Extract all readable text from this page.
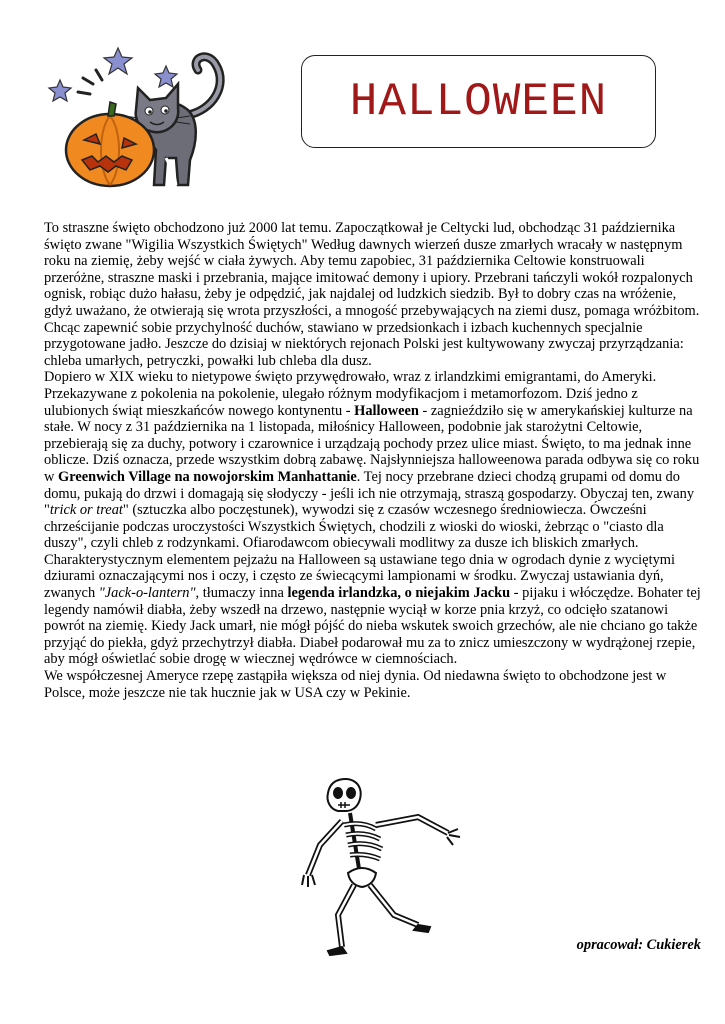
HALLOWEEN

To straszne święto obchodzono już 2000 lat temu. Zapoczątkował je Celtycki lud, obchodząc 31 października święto zwane "Wigilia Wszystkich Świętych" Według dawnych wierzeń dusze zmarłych wracały w następnym roku na ziemię, żeby wejść w ciała żywych. Aby temu zapobiec, 31 października Celtowie konstruowali przeróżne, straszne maski i przebrania, mające imitować demony i upiory. Przebrani tańczyli wokół rozpalonych ognisk, robiąc dużo hałasu, żeby je odpędzić, jak najdalej od ludzkich siedzib. Był to dobry czas na wróżenie, gdyż uważano, że otwierają się wrota przyszłości, a mnogość przebywających na ziemi dusz, pomaga wróżbitom.

Chcąc zapewnić sobie przychylność duchów, stawiano w przedsionkach i izbach kuchennych specjalnie przygotowane jadło. Jeszcze do dzisiaj w niektórych rejonach Polski jest kultywowany zwyczaj przyrządzania: chleba umarłych, petryczki, powałki lub chleba dla dusz.

Dopiero w XIX wieku to nietypowe święto przywędrowało, wraz z irlandzkimi emigrantami, do Ameryki. Przekazywane z pokolenia na pokolenie, ulegało różnym modyfikacjom i metamorfozom. Dziś jedno z ulubionych świąt mieszkańców nowego kontynentu - Halloween - zagnieździło się w amerykańskiej kulturze na stałe. W nocy z 31 października na 1 listopada, miłośnicy Halloween, podobnie jak starożytni Celtowie, przebierają się za duchy, potwory i czarownice i urządzają pochody przez ulice miast. Święto, to ma jednak inne oblicze. Dziś oznacza, przede wszystkim dobrą zabawę. Najsłynniejsza halloweenowa parada odbywa się co roku w Greenwich Village na nowojorskim Manhattanie. Tej nocy przebrane dzieci chodzą grupami od domu do domu, pukają do drzwi i domagają się słodyczy - jeśli ich nie otrzymają, straszą gospodarzy. Obyczaj ten, zwany "trick or treat" (sztuczka albo poczęstunek), wywodzi się z czasów wczesnego średniowiecza. Ówcześni chrześcijanie podczas uroczystości Wszystkich Świętych, chodzili z wioski do wioski, żebrząc o "ciasto dla duszy", czyli chleb z rodzynkami. Ofiarodawcom obiecywali modlitwy za dusze ich bliskich zmarłych.

Charakterystycznym elementem pejzażu na Halloween są ustawiane tego dnia w ogrodach dynie z wyciętymi dziurami oznaczającymi nos i oczy, i często ze świecącymi lampionami w środku. Zwyczaj ustawiania dyń, zwanych "Jack-o-lantern", tłumaczy inna legenda irlandzka, o niejakim Jacku - pijaku i włóczędze. Bohater tej legendy namówił diabła, żeby wszedł na drzewo, następnie wyciął w korze pnia krzyż, co odcięło szatanowi powrót na ziemię. Kiedy Jack umarł, nie mógł pójść do nieba wskutek swoich grzechów, ale nie chciano go także przyjąć do piekła, gdyż przechytrzył diabła. Diabeł podarował mu za to znicz umieszczony w wydrążonej rzepie, aby mógł oświetlać sobie drogę w wiecznej wędrówce w ciemnościach.

We współczesnej Ameryce rzepę zastąpiła większa od niej dynia. Od niedawna święto to obchodzone jest w Polsce, może jeszcze nie tak hucznie jak w USA czy w Pekinie.

opracował: Cukierek
